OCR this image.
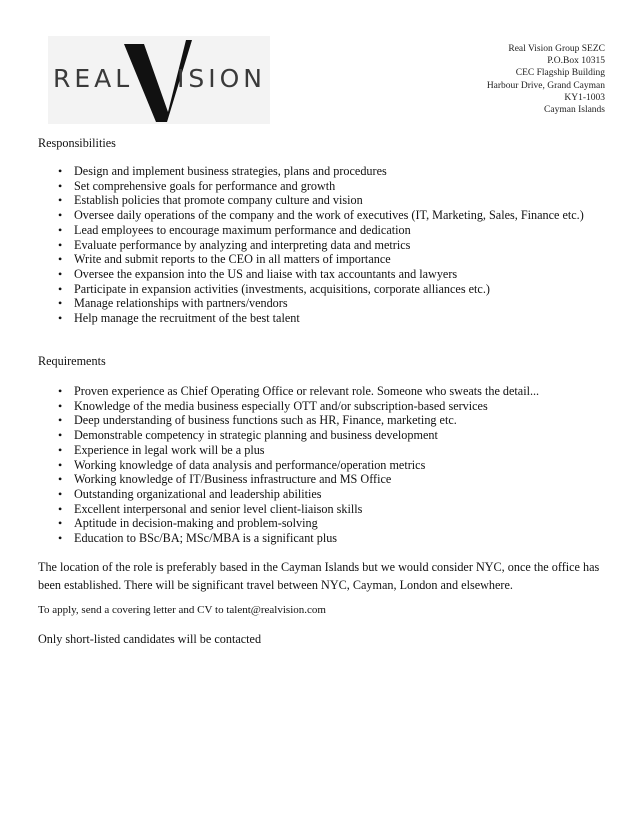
REAL ISION
Real Vision Group SEZC
P.O.Box 10315
CEC Flagship Building
Harbour Drive, Grand Cayman
KY1-1003
Cayman Islands
Responsibilities
• Design and implement business strategies, plans and procedures
• Set comprehensive goals for performance and growth
• Establish policies that promote company culture and vision
• Oversee daily operations of the company and the work of executives (IT, Marketing, Sales, Finance etc.)
• Lead employees to encourage maximum performance and dedication
• Evaluate performance by analyzing and interpreting data and metrics
• Write and submit reports to the CEO in all matters of importance
• Oversee the expansion into the US and liaise with tax accountants and lawyers
• Participate in expansion activities (investments, acquisitions, corporate alliances etc.)
• Manage relationships with partners/vendors
• Help manage the recruitment of the best talent
Requirements
• Proven experience as Chief Operating Office or relevant role. Someone who sweats the detail...
• Knowledge of the media business especially OTT and/or subscription-based services
• Deep understanding of business functions such as HR, Finance, marketing etc.
• Demonstrable competency in strategic planning and business development
• Experience in legal work will be a plus
• Working knowledge of data analysis and performance/operation metrics
• Working knowledge of IT/Business infrastructure and MS Office
• Outstanding organizational and leadership abilities
• Excellent interpersonal and senior level client-liaison skills
• Aptitude in decision-making and problem-solving
• Education to BSc/BA; MSc/MBA is a significant plus

The location of the role is preferably based in the Cayman Islands but we would consider NYC, once the office has been established. There will be significant travel between NYC, Cayman, London and elsewhere.

To apply, send a covering letter and CV to talent@realvision.com

Only short-listed candidates will be contacted
